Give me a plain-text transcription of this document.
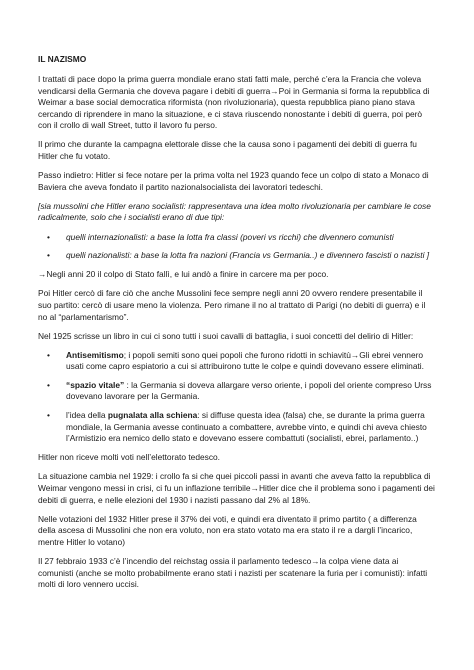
IL NAZISMO

I trattati di pace dopo la prima guerra mondiale erano stati fatti male, perché c’era la Francia che voleva vendicarsi della Germania che doveva pagare i debiti di guerra→Poi in Germania si forma la repubblica di Weimar a base social democratica riformista (non rivoluzionaria), questa repubblica piano piano stava cercando di riprendere in mano la situazione, e ci stava riuscendo nonostante i debiti di guerra, poi però con il crollo di wall Street, tutto il lavoro fu perso.

Il primo che durante la campagna elettorale disse che la causa sono i pagamenti dei debiti di guerra fu Hitler che fu votato.

Passo indietro: Hitler si fece notare per la prima volta nel 1923 quando fece un colpo di stato a Monaco di Baviera che aveva fondato il partito nazionalsocialista dei lavoratori tedeschi.

[sia mussolini che Hitler erano socialisti: rappresentava una idea molto rivoluzionaria per cambiare le cose radicalmente, solo che i socialisti erano di due tipi:

• quelli internazionalisti: a base la lotta fra classi (poveri vs ricchi) che divennero comunisti
• quelli nazionalisti: a base la lotta fra nazioni (Francia vs Germania..) e divennero fascisti o nazisti ]

→Negli anni 20 il colpo di Stato fallì, e lui andò a finire in carcere ma per poco.

Poi Hitler cercò di fare ciò che anche Mussolini fece sempre negli anni 20 ovvero rendere presentabile il suo partito: cercò di usare meno la violenza. Pero rimane il no al trattato di Parigi (no debiti di guerra) e il no al “parlamentarismo”.

Nel 1925 scrisse un libro in cui ci sono tutti i suoi cavalli di battaglia, i suoi concetti del delirio di Hitler:

• Antisemitismo; i popoli semiti sono quei popoli che furono ridotti in schiavitù→Gli ebrei vennero usati come capro espiatorio a cui si attribuirono tutte le colpe e quindi dovevano essere eliminati.
• “spazio vitale” : la Germania si doveva allargare verso oriente, i popoli del oriente compreso Urss dovevano lavorare per la Germania.
• l’idea della pugnalata alla schiena: si diffuse questa idea (falsa) che, se durante la prima guerra mondiale, la Germania avesse continuato a combattere, avrebbe vinto, e quindi chi aveva chiesto l’Armistizio era nemico dello stato e dovevano essere combattuti (socialisti, ebrei, parlamento..)

Hitler non riceve molti voti nell’elettorato tedesco.

La situazione cambia nel 1929: i crollo fa si che quei piccoli passi in avanti che aveva fatto la repubblica di Weimar vengono messi in crisi, ci fu un inflazione terribile→Hitler dice che il problema sono i pagamenti dei debiti di guerra, e nelle elezioni del 1930 i nazisti passano dal 2% al 18%.

Nelle votazioni del 1932 Hitler prese il 37% dei voti, e quindi era diventato il primo partito ( a differenza della ascesa di Mussolini che non era voluto, non era stato votato ma era stato il re a dargli l’incarico, mentre Hitler lo votano)

Il 27 febbraio 1933 c’è l’incendio del reichstag ossia il parlamento tedesco→la colpa viene data ai comunisti (anche se molto probabilmente erano stati i nazisti per scatenare la furia per i comunisti): infatti molti di loro vennero uccisi.
